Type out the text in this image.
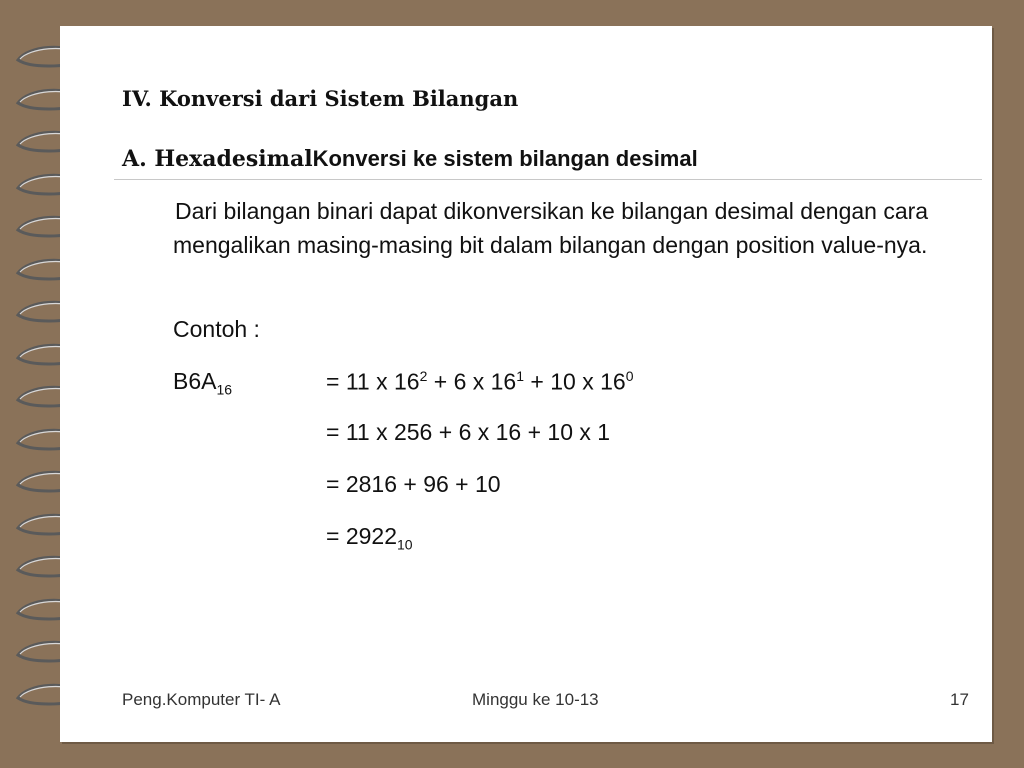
IV. Konversi dari Sistem Bilangan
A. HexadesimalKonversi ke sistem bilangan desimal
Dari bilangan binari dapat dikonversikan ke bilangan desimal dengan cara mengalikan masing-masing bit dalam bilangan dengan position value-nya.
Contoh :
$B6A_{16}$	= 11 x $16^2 + 6$ x $16^1 + 10$ x $16^0$
= 11 x 256 + 6 x 16 + 10 x 1
= 2816 + 96 + 10
= $2922_{10}$
Peng.Komputer TI- A	Minggu ke 10-13	17
